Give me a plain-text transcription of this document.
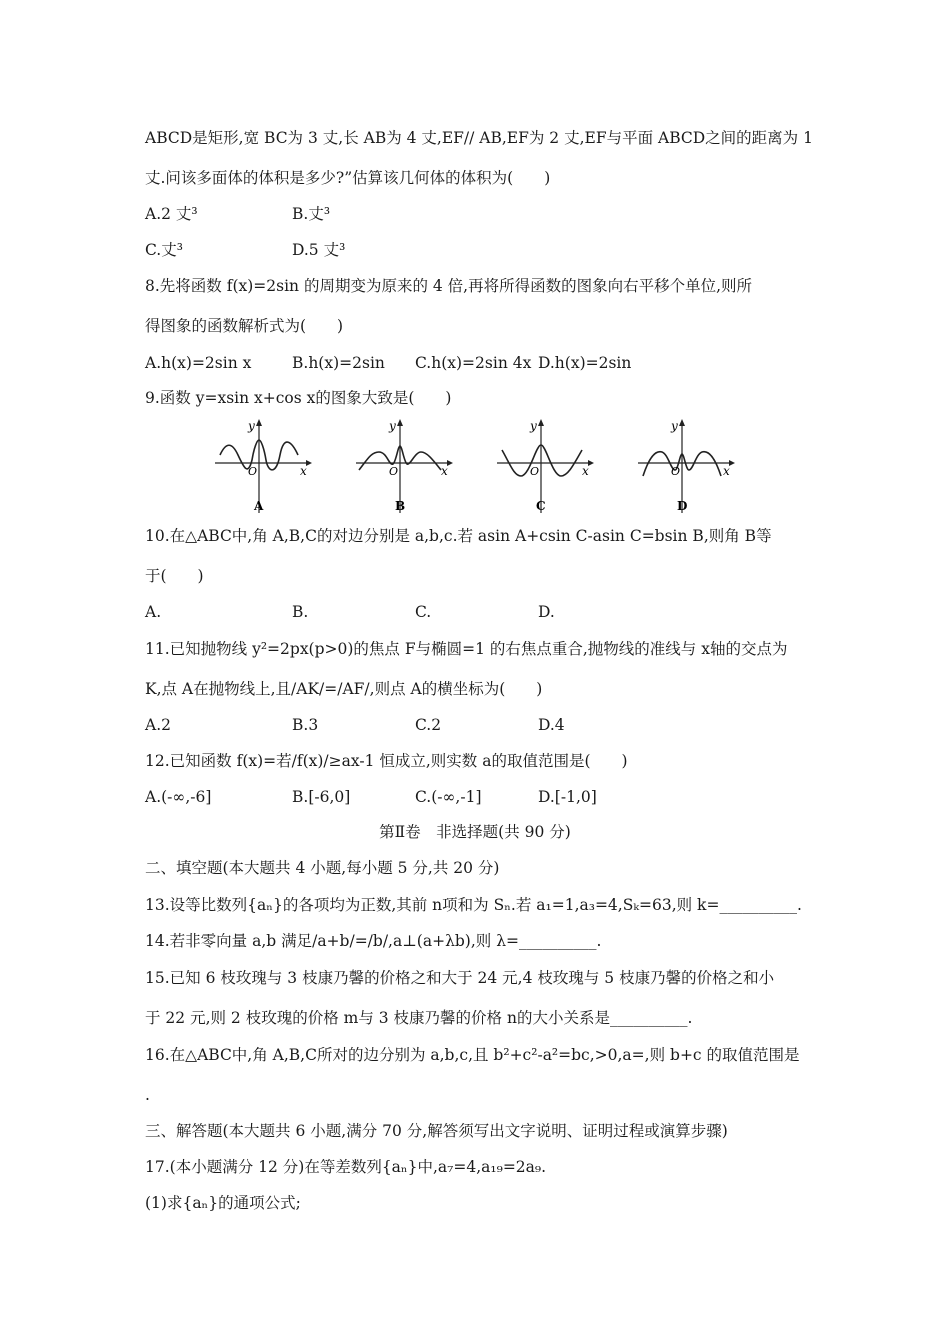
ABCD是矩形,宽 BC为 3 丈,长 AB为 4 丈,EF// AB,EF为 2 丈,EF与平面 ABCD之间的距离为 1
丈.问该多面体的体积是多少?”估算该几何体的体积为(　　)
A.2 丈³	B.丈³
C.丈³	D.5 丈³
8.先将函数 f(x)=2sin 的周期变为原来的 4 倍,再将所得函数的图象向右平移个单位,则所
得图象的函数解析式为(　　)
A.h(x)=2sin x	B.h(x)=2sin C.h(x)=2sin 4x D.h(x)=2sin
9.函数 y=xsin x+cos x的图象大致是(　　)
y
x
O
A
y
x
O
B
y
x
O
C
y
x
O
D
10.在△ABC中,角 A,B,C的对边分别是 a,b,c.若 asin A+csin C-asin C=bsin B,则角 B等
于(　　)
A.	B.	C.	D.
11.已知抛物线 y²=2px(p>0)的焦点 F与椭圆=1 的右焦点重合,抛物线的准线与 x轴的交点为
K,点 A在抛物线上,且/AK/=/AF/,则点 A的横坐标为(　　)
A.2	B.3	C.2	D.4
12.已知函数 f(x)=若/f(x)/≥ax-1 恒成立,则实数 a的取值范围是(　　)
A.(-∞,-6]	B.[-6,0]	C.(-∞,-1]	D.[-1,0]
第Ⅱ卷　非选择题(共 90 分)
二、填空题(本大题共 4 小题,每小题 5 分,共 20 分)
13.设等比数列{aₙ}的各项均为正数,其前 n项和为 Sₙ.若 a₁=1,a₃=4,Sₖ=63,则 k=__________.
14.若非零向量 a,b 满足/a+b/=/b/,a⊥(a+λb),则 λ=__________.
15.已知 6 枝玫瑰与 3 枝康乃馨的价格之和大于 24 元,4 枝玫瑰与 5 枝康乃馨的价格之和小
于 22 元,则 2 枝玫瑰的价格 m与 3 枝康乃馨的价格 n的大小关系是__________.
16.在△ABC中,角 A,B,C所对的边分别为 a,b,c,且 b²+c²-a²=bc,>0,a=,则 b+c 的取值范围是
.
三、解答题(本大题共 6 小题,满分 70 分,解答须写出文字说明、证明过程或演算步骤)
17.(本小题满分 12 分)在等差数列{aₙ}中,a₇=4,a₁₉=2a₉.
(1)求{aₙ}的通项公式;
